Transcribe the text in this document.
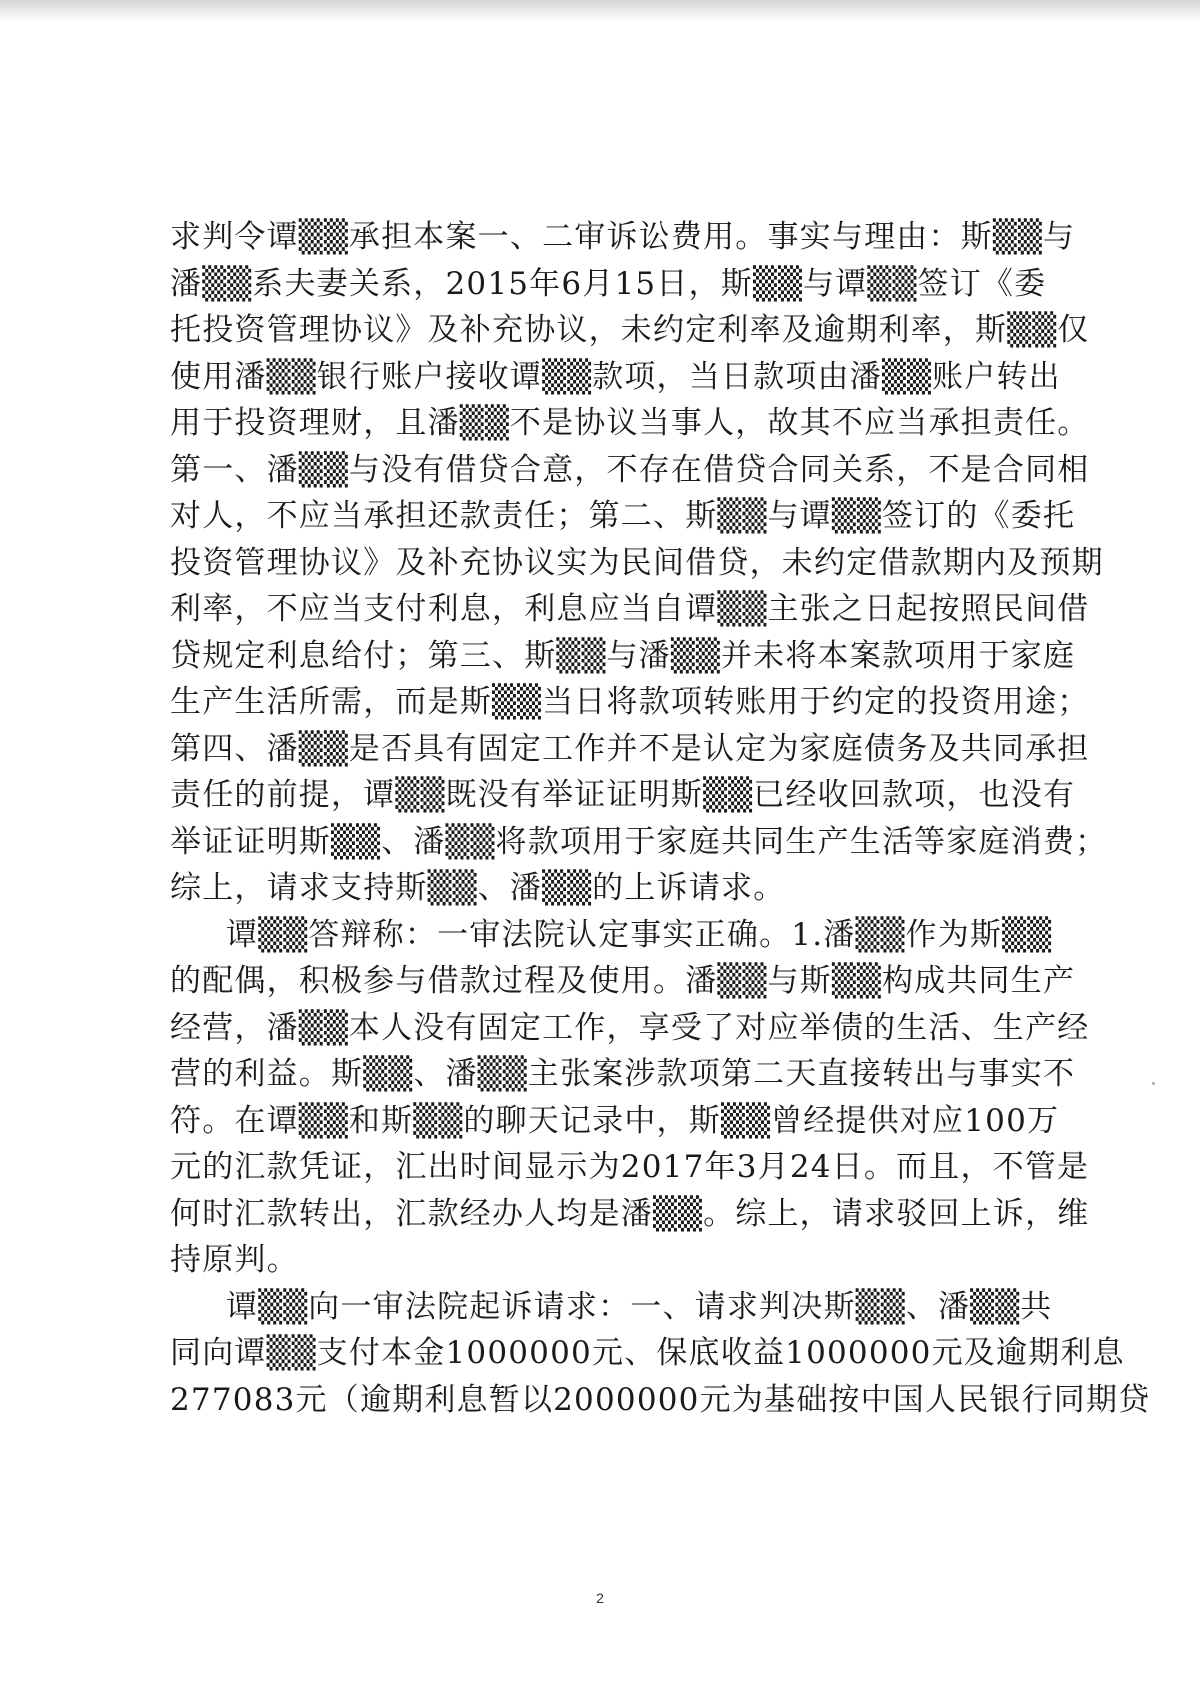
求判令谭▒▒承担本案一、二审诉讼费用。事实与理由：斯▒▒与
潘▒▒系夫妻关系，2015年6月15日，斯▒▒与谭▒▒签订《委
托投资管理协议》及补充协议，未约定利率及逾期利率，斯▒▒仅
使用潘▒▒银行账户接收谭▒▒款项，当日款项由潘▒▒账户转出
用于投资理财，且潘▒▒不是协议当事人，故其不应当承担责任。
第一、潘▒▒与没有借贷合意，不存在借贷合同关系，不是合同相
对人，不应当承担还款责任；第二、斯▒▒与谭▒▒签订的《委托
投资管理协议》及补充协议实为民间借贷，未约定借款期内及预期
利率，不应当支付利息，利息应当自谭▒▒主张之日起按照民间借
贷规定利息给付；第三、斯▒▒与潘▒▒并未将本案款项用于家庭
生产生活所需，而是斯▒▒当日将款项转账用于约定的投资用途；
第四、潘▒▒是否具有固定工作并不是认定为家庭债务及共同承担
责任的前提，谭▒▒既没有举证证明斯▒▒已经收回款项，也没有
举证证明斯▒▒、潘▒▒将款项用于家庭共同生产生活等家庭消费；
综上，请求支持斯▒▒、潘▒▒的上诉请求。
谭▒▒答辩称：一审法院认定事实正确。1.潘▒▒作为斯▒▒
的配偶，积极参与借款过程及使用。潘▒▒与斯▒▒构成共同生产
经营，潘▒▒本人没有固定工作，享受了对应举债的生活、生产经
营的利益。斯▒▒、潘▒▒主张案涉款项第二天直接转出与事实不
符。在谭▒▒和斯▒▒的聊天记录中，斯▒▒曾经提供对应100万
元的汇款凭证，汇出时间显示为2017年3月24日。而且，不管是
何时汇款转出，汇款经办人均是潘▒▒。综上，请求驳回上诉，维
持原判。
谭▒▒向一审法院起诉请求：一、请求判决斯▒▒、潘▒▒共
同向谭▒▒支付本金1000000元、保底收益1000000元及逾期利息
277083元（逾期利息暂以2000000元为基础按中国人民银行同期贷
2
